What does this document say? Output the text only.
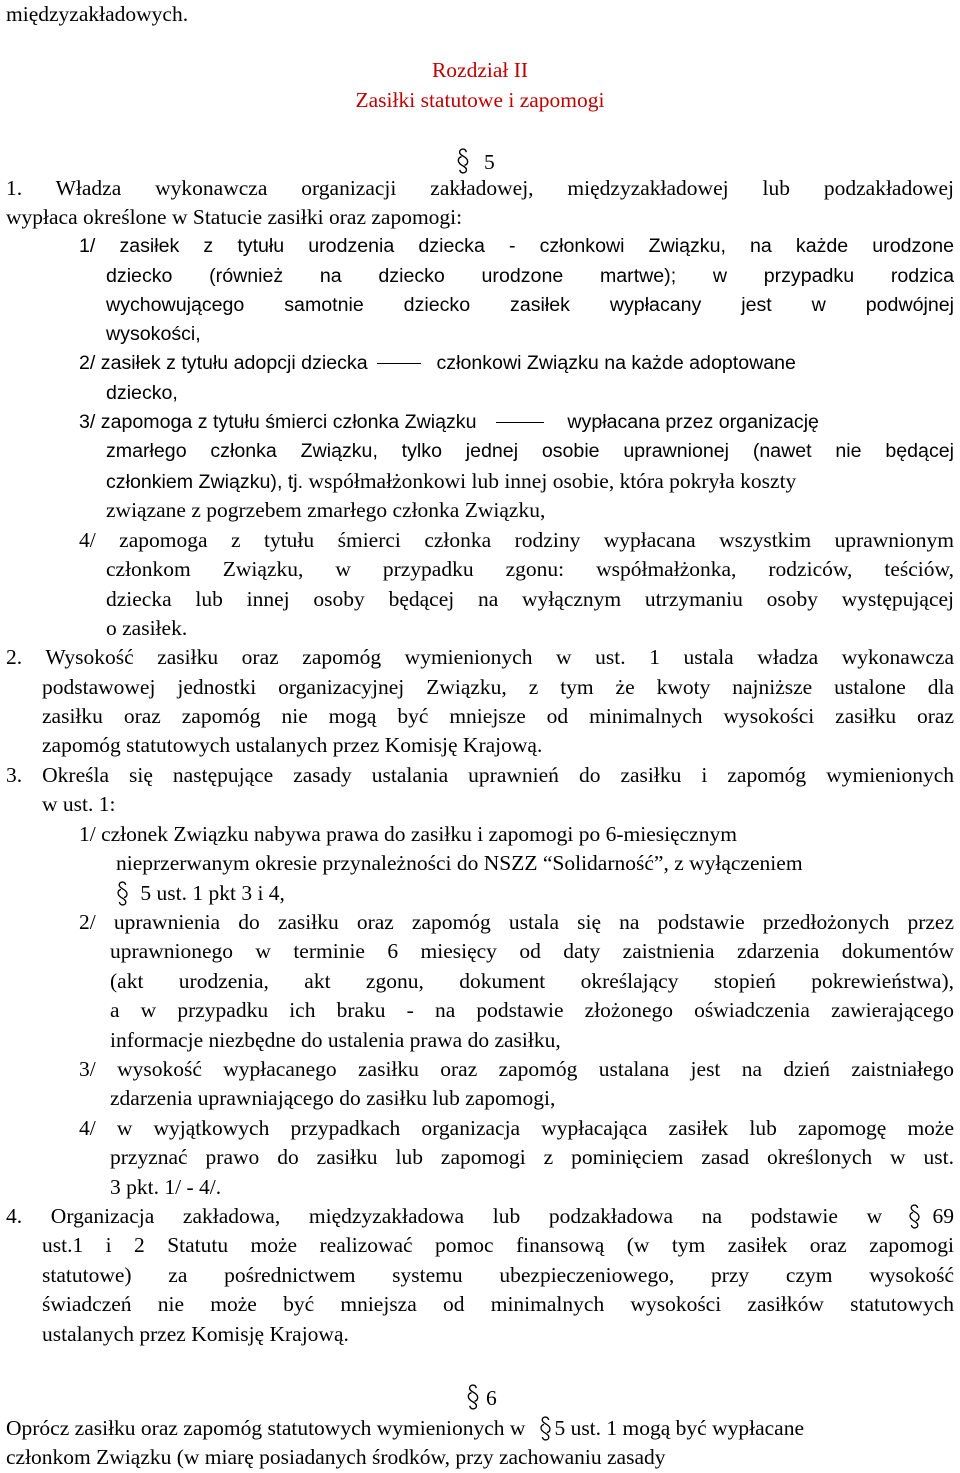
międzyzakładowych.
Rozdział II
Zasiłki statutowe i zapomogi
5
1. Władza wykonawcza organizacji zakładowej, międzyzakładowej lub podzakładowej
wypłaca określone w Statucie zasiłki oraz zapomogi:
1/ zasiłek z tytułu urodzenia dziecka - członkowi Związku, na każde urodzone
dziecko (również na dziecko urodzone martwe); w przypadku rodzica
wychowującego samotnie dziecko zasiłek wypłacany jest w podwójnej
wysokości,
2/ zasiłek z tytułu adopcji dziecka	członkowi Związku na każde adoptowane
dziecko,
3/ zapomoga z tytułu śmierci członka Związku	wypłacana przez organizację
zmarłego członka Związku, tylko jednej osobie uprawnionej (nawet nie będącej
członkiem Związku), tj. współmałżonkowi lub innej osobie, która pokryła koszty
związane z pogrzebem zmarłego członka Związku,
4/ zapomoga z tytułu śmierci członka rodziny wypłacana wszystkim uprawnionym
członkom Związku, w przypadku zgonu: współmałżonka, rodziców, teściów,
dziecka lub innej osoby będącej na wyłącznym utrzymaniu osoby występującej
o zasiłek.
2. Wysokość zasiłku oraz zapomóg wymienionych w ust. 1 ustala władza wykonawcza
podstawowej jednostki organizacyjnej Związku, z tym że kwoty najniższe ustalone dla
zasiłku oraz zapomóg nie mogą być mniejsze od minimalnych wysokości zasiłku oraz
zapomóg statutowych ustalanych przez Komisję Krajową.
3. Określa się następujące zasady ustalania uprawnień do zasiłku i zapomóg wymienionych
w ust. 1:
1/ członek Związku nabywa prawa do zasiłku i zapomogi po 6-miesięcznym
nieprzerwanym okresie przynależności do NSZZ “Solidarność”, z wyłączeniem
5 ust. 1 pkt 3 i 4,
2/ uprawnienia do zasiłku oraz zapomóg ustala się na podstawie przedłożonych przez
uprawnionego w terminie 6 miesięcy od daty zaistnienia zdarzenia dokumentów
(akt urodzenia, akt zgonu, dokument określający stopień pokrewieństwa),
a w przypadku ich braku - na podstawie złożonego oświadczenia zawierającego
informacje niezbędne do ustalenia prawa do zasiłku,
3/ wysokość wypłacanego zasiłku oraz zapomóg ustalana jest na dzień zaistniałego
zdarzenia uprawniającego do zasiłku lub zapomogi,
4/ w wyjątkowych przypadkach organizacja wypłacająca zasiłek lub zapomogę może
przyznać prawo do zasiłku lub zapomogi z pominięciem zasad określonych w ust.
3 pkt. 1/ - 4/.
4. Organizacja zakładowa, międzyzakładowa lub podzakładowa na podstawie w	69
ust.1 i 2 Statutu może realizować pomoc finansową (w tym zasiłek oraz zapomogi
statutowe) za pośrednictwem systemu ubezpieczeniowego, przy czym wysokość
świadczeń nie może być mniejsza od minimalnych wysokości zasiłków statutowych
ustalanych przez Komisję Krajową.
6
Oprócz zasiłku oraz zapomóg statutowych wymienionych w 5 ust. 1 mogą być wypłacane
członkom Związku (w miarę posiadanych środków, przy zachowaniu zasady
